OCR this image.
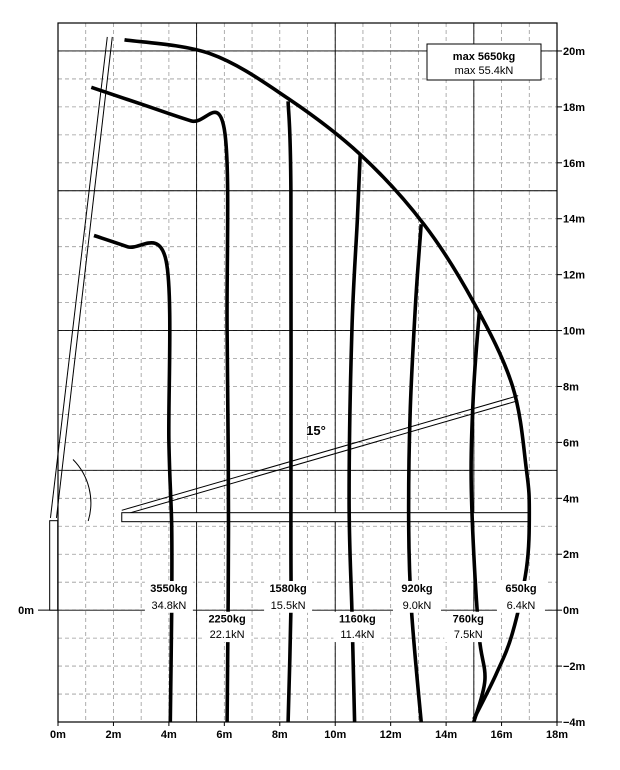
0m	2m	4m	6m	8m	10m	12m	14m	16m	18m
20m
18m
16m
14m
12m
10m
8m
6m
4m
2m
0m
−2m
−4m
0m
3550kg
34.8kN
2250kg
22.1kN
1580kg
15.5kN
1160kg
11.4kN
920kg
9.0kN
760kg
7.5kN
650kg
6.4kN
max 5650kg
max 55.4kN
15°
